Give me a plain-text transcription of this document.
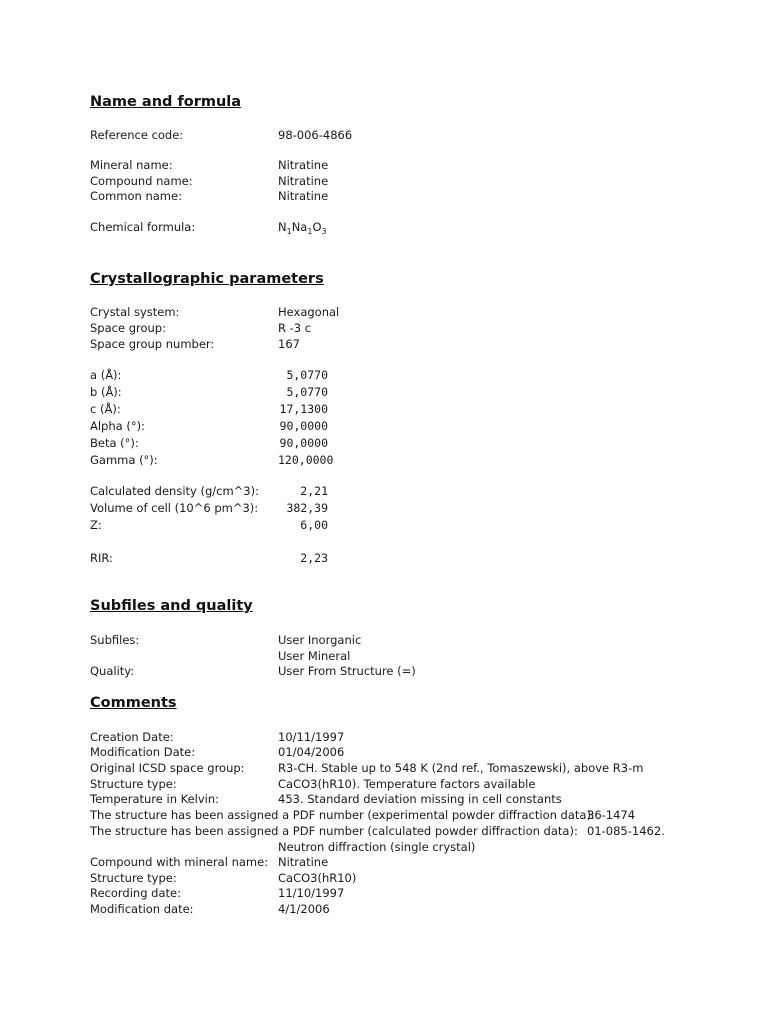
Name and formula
Reference code:	98-006-4866
Mineral name:	Nitratine
Compound name:	Nitratine
Common name:	Nitratine
Chemical formula:	$N_1Na_1O_3$
Crystallographic parameters
Crystal system:	Hexagonal
Space group:	R -3 c
Space group number:	167
a (Å):	5,0770
b (Å):	5,0770
c (Å):	17,1300
Alpha (°):	90,0000
Beta (°):	90,0000
Gamma (°):	120,0000
Calculated density (g/cm^3):	2,21
Volume of cell (10^6 pm^3):	382,39
Z:	6,00
RIR:	2,23
Subfiles and quality
Subfiles:	User Inorganic
User Mineral
Quality:	User From Structure (=)
Comments
Creation Date:	10/11/1997
Modification Date:	01/04/2006
Original ICSD space group:	R3-CH. Stable up to 548 K (2nd ref., Tomaszewski), above R3-m
Structure type:	CaCO3(hR10). Temperature factors available
Temperature in Kelvin:	453. Standard deviation missing in cell constants
The structure has been assigned a PDF number (experimental powder diffraction data):
36-1474
The structure has been assigned a PDF number (calculated powder diffraction data): 01-085-1462.
Neutron diffraction (single crystal)
Compound with mineral name: Nitratine
Structure type:	CaCO3(hR10)
Recording date:	11/10/1997
Modification date:	4/1/2006
